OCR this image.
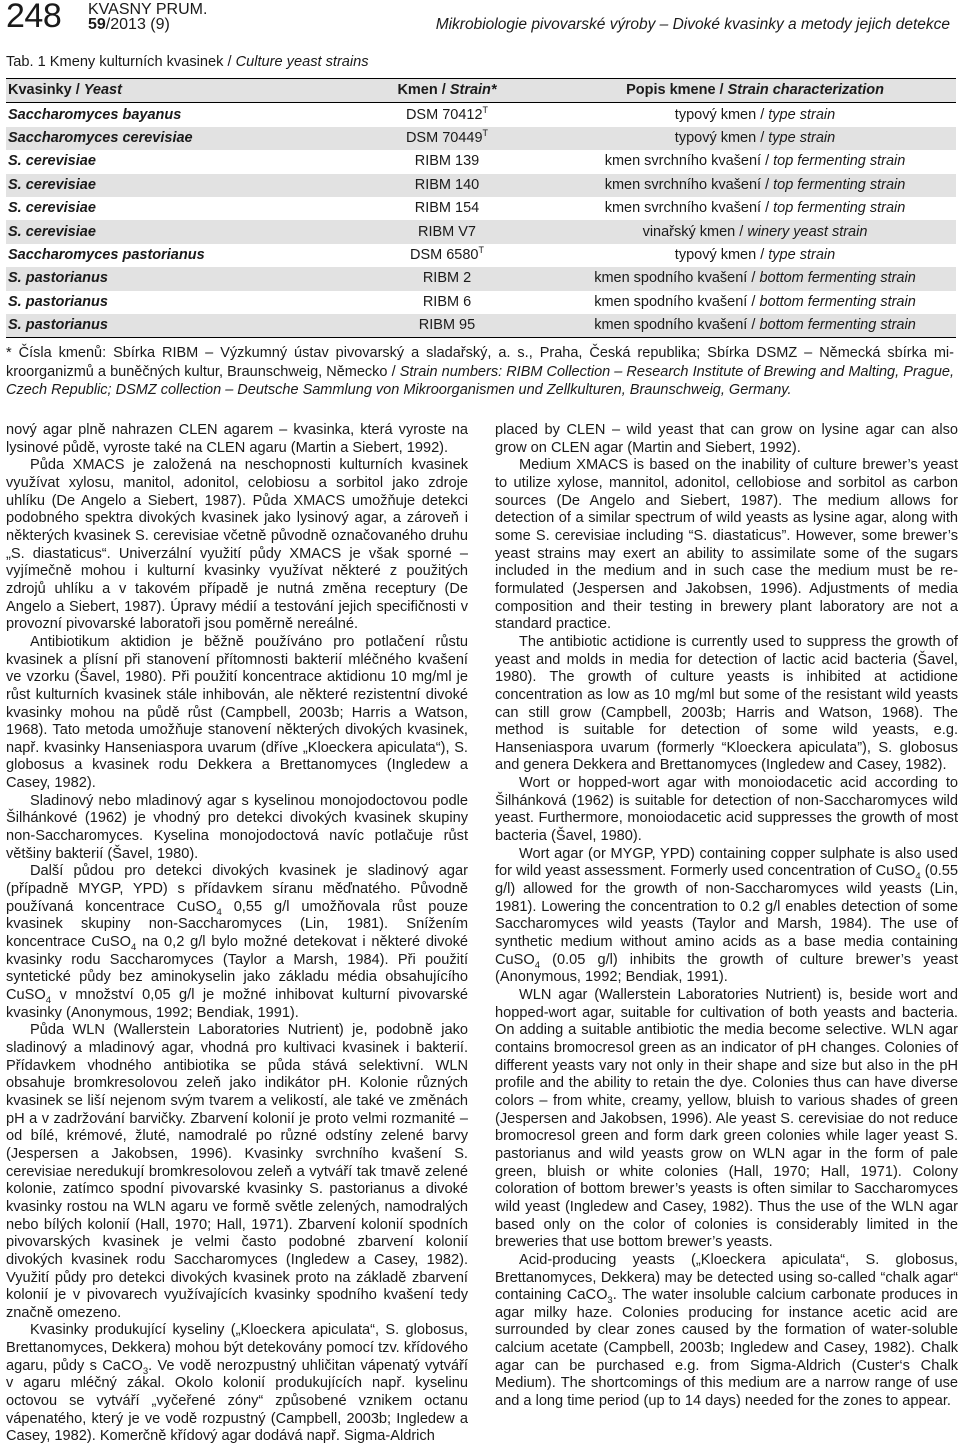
248 KVASNY PRUM.
59/2013 (9)	Mikrobiologie pivovarské výroby – Divoké kvasinky a metody jejich detekce
Tab. 1 Kmeny kulturních kvasinek / Culture yeast strains
Kvasinky / Yeast	Kmen / Strain*	Popis kmene / Strain characterization
Saccharomyces bayanus	DSM $70412^T$	typový kmen / type strain
Saccharomyces cerevisiae	DSM $70449^T$	typový kmen / type strain
S. cerevisiae	RIBM 139	kmen svrchního kvašení / top fermenting strain
S. cerevisiae	RIBM 140	kmen svrchního kvašení / top fermenting strain
S. cerevisiae	RIBM 154	kmen svrchního kvašení / top fermenting strain
S. cerevisiae	RIBM V7	vinařský kmen / winery yeast strain
Saccharomyces pastorianus	DSM $6580^T$	typový kmen / type strain
S. pastorianus	RIBM 2	kmen spodního kvašení / bottom fermenting strain
S. pastorianus	RIBM 6	kmen spodního kvašení / bottom fermenting strain
S. pastorianus	RIBM 95	kmen spodního kvašení / bottom fermenting strain
* Čísla kmenů: Sbírka RIBM – Výzkumný ústav pivovarský a sladařský, a. s., Praha, Česká republika; Sbírka DSMZ – Německá sbírka mikroorganizmů a buněčných kultur, Braunschweig, Německo / Strain numbers: RIBM Collection – Research Institute of Brewing and Malting, Prague, Czech Republic; DSMZ collection – Deutsche Sammlung von Mikroorganismen und Zellkulturen, Braunschweig, Germany.

nový agar plně nahrazen CLEN agarem – kvasinka, která vyroste na lysinové půdě, vyroste také na CLEN agaru (Martin a Siebert, 1992).

Půda XMACS je založená na neschopnosti kulturních kvasinek využívat xylosu, manitol, adonitol, celobiosu a sorbitol jako zdroje uhlíku (De Angelo a Siebert, 1987). Půda XMACS umožňuje detekci podobného spektra divokých kvasinek jako lysinový agar, a zároveň i některých kvasinek S. cerevisiae včetně původně označovaného druhu „S. diastaticus“. Univerzální využití půdy XMACS je však sporné – vyjímečně mohou i kulturní kvasinky využívat některé z použitých zdrojů uhlíku a v takovém případě je nutná změna receptury (De Angelo a Siebert, 1987). Úpravy médií a testování jejich specifičnosti v provozní pivovarské laboratoři jsou poměrně nereálné.

Antibiotikum aktidion je běžně používáno pro potlačení růstu kvasinek a plísní při stanovení přítomnosti bakterií mléčného kvašení ve vzorku (Šavel, 1980). Při použití koncentrace aktidionu 10 mg/ml je růst kulturních kvasinek stále inhibován, ale některé rezistentní divoké kvasinky mohou na půdě růst (Campbell, 2003b; Harris a Watson, 1968). Tato metoda umožňuje stanovení některých divokých kvasinek, např. kvasinky Hanseniaspora uvarum (dříve „Kloeckera apiculata“), S. globosus a kvasinek rodu Dekkera a Brettanomyces (Ingledew a Casey, 1982).

Sladinový nebo mladinový agar s kyselinou monojodoctovou podle Šilhánkové (1962) je vhodný pro detekci divokých kvasinek skupiny non-Saccharomyces. Kyselina monojodoctová navíc potlačuje růst většiny bakterií (Šavel, 1980).

Další půdou pro detekci divokých kvasinek je sladinový agar (případně MYGP, YPD) s přídavkem síranu měďnatého. Původně používaná koncentrace CuSO$_4$ 0,55 g/l umožňovala růst pouze kvasinek skupiny non-Saccharomyces (Lin, 1981). Snížením koncentrace CuSO$_4$ na 0,2 g/l bylo možné detekovat i některé divoké kvasinky rodu Saccharomyces (Taylor a Marsh, 1984). Při použití syntetické půdy bez aminokyselin jako základu média obsahujícího CuSO$_4$ v množství 0,05 g/l je možné inhibovat kulturní pivovarské kvasinky (Anonymous, 1992; Bendiak, 1991).

Půda WLN (Wallerstein Laboratories Nutrient) je, podobně jako sladinový a mladinový agar, vhodná pro kultivaci kvasinek i bakterií. Přídavkem vhodného antibiotika se půda stává selektivní. WLN obsahuje bromkresolovou zeleň jako indikátor pH. Kolonie různých kvasinek se liší nejenom svým tvarem a velikostí, ale také ve změnách pH a v zadržování barvičky. Zbarvení kolonií je proto velmi rozmanité – od bílé, krémové, žluté, namodralé po různé odstíny zelené barvy (Jespersen a Jakobsen, 1996). Kvasinky svrchního kvašení S. cerevisiae neredukují bromkresolovou zeleň a vytváří tak tmavě zelené kolonie, zatímco spodní pivovarské kvasinky S. pastorianus a divoké kvasinky rostou na WLN agaru ve formě světle zelených, namodralých nebo bílých kolonií (Hall, 1970; Hall, 1971). Zbarvení kolonií spodních pivovarských kvasinek je velmi často podobné zbarvení kolonií divokých kvasinek rodu Saccharomyces (Ingledew a Casey, 1982). Využití půdy pro detekci divokých kvasinek proto na základě zbarvení kolonií je v pivovarech využívajících kvasinky spodního kvašení tedy značně omezeno.

Kvasinky produkující kyseliny („Kloeckera apiculata“, S. globosus, Brettanomyces, Dekkera) mohou být detekovány pomocí tzv. křídového agaru, půdy s CaCO$_3$. Ve vodě nerozpustný uhličitan vápenatý vytváří v agaru mléčný zákal. Okolo kolonií produkujících např. kyselinu octovou se vytváří „vyčeřené zóny“ způsobené vznikem octanu vápenatého, který je ve vodě rozpustný (Campbell, 2003b; Ingledew a Casey, 1982). Komerčně křídový agar dodává např. Sigma-Aldrich

placed by CLEN – wild yeast that can grow on lysine agar can also grow on CLEN agar (Martin and Siebert, 1992).

Medium XMACS is based on the inability of culture brewer’s yeast to utilize xylose, mannitol, adonitol, cellobiose and sorbitol as carbon sources (De Angelo and Siebert, 1987). The medium allows for detection of a similar spectrum of wild yeasts as lysine agar, along with some S. cerevisiae including “S. diastaticus”. However, some brewer’s yeast strains may exert an ability to assimilate some of the sugars included in the medium and in such case the medium must be re-formulated (Jespersen and Jakobsen, 1996). Adjustments of media composition and their testing in brewery plant laboratory are not a standard practice.

The antibiotic actidione is currently used to suppress the growth of yeast and molds in media for detection of lactic acid bacteria (Šavel, 1980). The growth of culture yeasts is inhibited at actidione concentration as low as 10 mg/ml but some of the resistant wild yeasts can still grow (Campbell, 2003b; Harris and Watson, 1968). The method is suitable for detection of some wild yeasts, e.g. Hanseniaspora uvarum (formerly “Kloeckera apiculata”), S. globosus and genera Dekkera and Brettanomyces (Ingledew and Casey, 1982).

Wort or hopped-wort agar with monoiodacetic acid according to Šilhánková (1962) is suitable for detection of non-Saccharomyces wild yeast. Furthermore, monoiodacetic acid suppresses the growth of most bacteria (Šavel, 1980).

Wort agar (or MYGP, YPD) containing copper sulphate is also used for wild yeast assessment. Formerly used concentration of CuSO$_4$ (0.55 g/l) allowed for the growth of non-Saccharomyces wild yeasts (Lin, 1981). Lowering the concentration to 0.2 g/l enables detection of some Saccharomyces wild yeasts (Taylor and Marsh, 1984). The use of synthetic medium without amino acids as a base media containing CuSO$_4$ (0.05 g/l) inhibits the growth of culture brewer’s yeast (Anonymous, 1992; Bendiak, 1991).

WLN agar (Wallerstein Laboratories Nutrient) is, beside wort and hopped-wort agar, suitable for cultivation of both yeasts and bacteria. On adding a suitable antibiotic the media become selective. WLN agar contains bromocresol green as an indicator of pH changes. Colonies of different yeasts vary not only in their shape and size but also in the pH profile and the ability to retain the dye. Colonies thus can have diverse colors – from white, creamy, yellow, bluish to various shades of green (Jespersen and Jakobsen, 1996). Ale yeast S. cerevisiae do not reduce bromocresol green and form dark green colonies while lager yeast S. pastorianus and wild yeasts grow on WLN agar in the form of pale green, bluish or white colonies (Hall, 1970; Hall, 1971). Colony coloration of bottom brewer’s yeasts is often similar to Saccharomyces wild yeast (Ingledew and Casey, 1982). Thus the use of the WLN agar based only on the color of colonies is considerably limited in the breweries that use bottom brewer’s yeasts.

Acid-producing yeasts („Kloeckera apiculata“, S. globosus, Brettanomyces, Dekkera) may be detected using so-called “chalk agar“ containing CaCO$_3$. The water insoluble calcium carbonate produces in agar milky haze. Colonies producing for instance acetic acid are surrounded by clear zones caused by the formation of water-soluble calcium acetate (Campbell, 2003b; Ingledew and Casey, 1982). Chalk agar can be purchased e.g. from Sigma-Aldrich (Custer‘s Chalk Medium). The shortcomings of this medium are a narrow range of use and a long time period (up to 14 days) needed for the zones to appear.
